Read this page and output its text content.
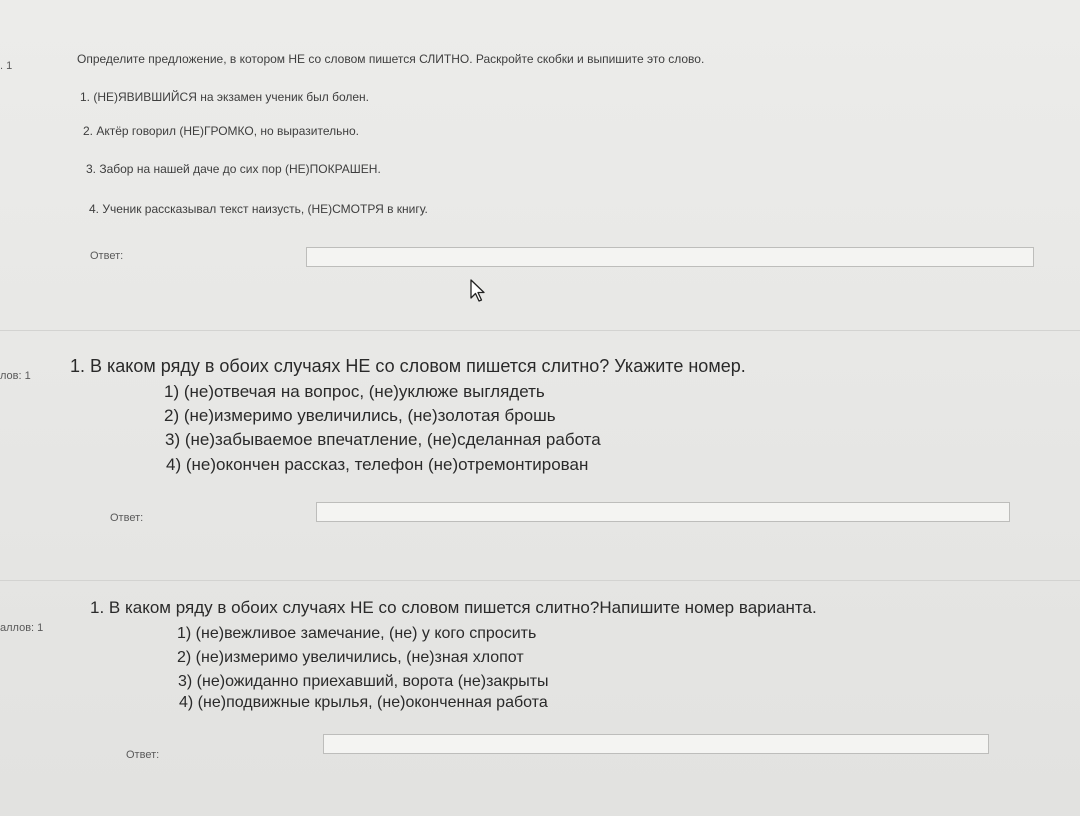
. 1	Определите предложение, в котором НЕ со словом пишется СЛИТНО. Раскройте скобки и выпишите это слово.
1. (НЕ)ЯВИВШИЙСЯ на экзамен ученик был болен.
2. Актёр говорил (НЕ)ГРОМКО, но выразительно.
3. Забор на нашей даче до сих пор (НЕ)ПОКРАШЕН.
4. Ученик рассказывал текст наизусть, (НЕ)СМОТРЯ в книгу.
Ответ:
лов: 1 1. В каком ряду в обоих случаях НЕ со словом пишется слитно? Укажите номер.
1) (не)отвечая на вопрос, (не)уклюже выглядеть
2) (не)измеримо увеличились, (не)золотая брошь
3) (не)забываемое впечатление, (не)сделанная работа
4) (не)окончен рассказ, телефон (не)отремонтирован
Ответ:
аллов: 1
1. В каком ряду в обоих случаях НЕ со словом пишется слитно?Напишите номер варианта.
1) (не)вежливое замечание, (не) у кого спросить
2) (не)измеримо увеличились, (не)зная хлопот
3) (не)ожиданно приехавший, ворота (не)закрыты
4) (не)подвижные крылья, (не)оконченная работа
Ответ:
